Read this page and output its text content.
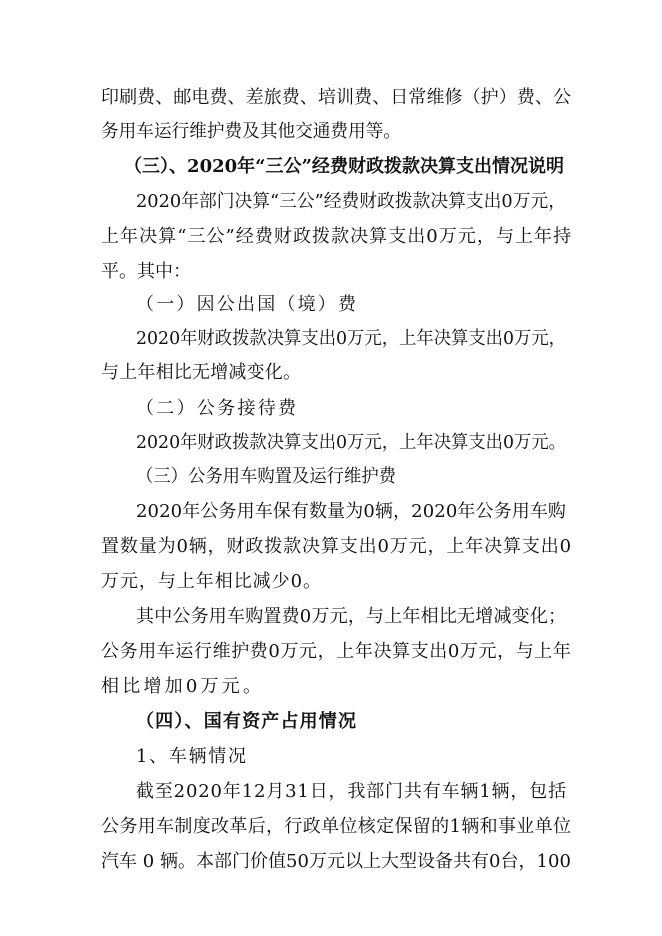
印刷费、邮电费、差旅费、培训费、日常维修（护）费、公
务用车运行维护费及其他交通费用等。
（三）、2020年“三公”经费财政拨款决算支出情况说明
2020年部门决算“三公”经费财政拨款决算支出0万元，
上年决算“三公”经费财政拨款决算支出0万元，与上年持
平。其中：
（一）因公出国（境）费
2020年财政拨款决算支出0万元，上年决算支出0万元，
与上年相比无增减变化。
（二）公务接待费
2020年财政拨款决算支出0万元，上年决算支出0万元。
（三）公务用车购置及运行维护费
2020年公务用车保有数量为0辆，2020年公务用车购
置数量为0辆，财政拨款决算支出0万元，上年决算支出0
万元，与上年相比减少0。
其中公务用车购置费0万元，与上年相比无增减变化；
公务用车运行维护费0万元，上年决算支出0万元，与上年
相比增加0万元。
（四）、国有资产占用情况
1、车辆情况
截至2020年12月31日，我部门共有车辆1辆，包括
公务用车制度改革后，行政单位核定保留的1辆和事业单位
汽车 0 辆。本部门价值50万元以上大型设备共有0台，100
